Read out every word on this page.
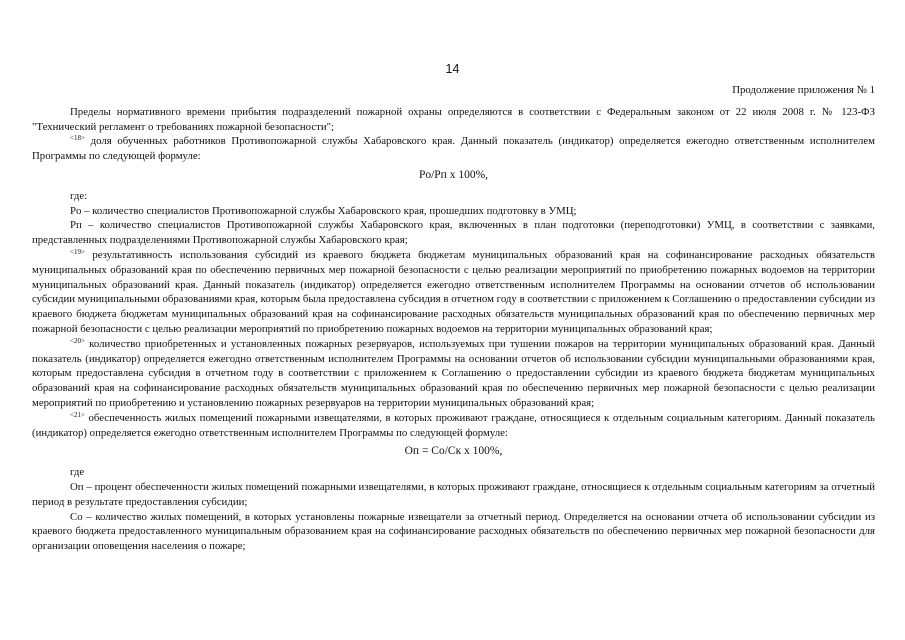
14
Продолжение приложения № 1
Пределы нормативного времени прибытия подразделений пожарной охраны определяются в соответствии с Федеральным законом от 22 июля 2008 г. № 123-ФЗ "Технический регламент о требованиях пожарной безопасности";
$^{<18>}$ доля обученных работников Противопожарной службы Хабаровского края. Данный показатель (индикатор) определяется ежегодно ответственным исполнителем Программы по следующей формуле:
Pо/Pп x 100%,
где:
Pо – количество специалистов Противопожарной службы Хабаровского края, прошедших подготовку в УМЦ;
Pп – количество специалистов Противопожарной службы Хабаровского края, включенных в план подготовки (переподготовки) УМЦ, в соответствии с заявками, представленных подразделениями Противопожарной службы Хабаровского края;
$^{<19>}$ результативность использования субсидий из краевого бюджета бюджетам муниципальных образований края на софинансирование расходных обязательств муниципальных образований края по обеспечению первичных мер пожарной безопасности с целью реализации мероприятий по приобретению пожарных водоемов на территории муниципальных образований края. Данный показатель (индикатор) определяется ежегодно ответственным исполнителем Программы на основании отчетов об использовании субсидии муниципальными образованиями края, которым была предоставлена субсидия в отчетном году в соответствии с приложением к Соглашению о предоставлении субсидии из краевого бюджета бюджетам муниципальных образований края на софинансирование расходных обязательств муниципальных образований края по обеспечению первичных мер пожарной безопасности с целью реализации мероприятий по приобретению пожарных водоемов на территории муниципальных образований края;
$^{<20>}$ количество приобретенных и установленных пожарных резервуаров, используемых при тушении пожаров на территории муниципальных образований края. Данный показатель (индикатор) определяется ежегодно ответственным исполнителем Программы на основании отчетов об использовании субсидии муниципальными образованиями края, которым предоставлена субсидия в отчетном году в соответствии с приложением к Соглашению о предоставлении субсидии из краевого бюджета бюджетам муниципальных образований края на софинансирование расходных обязательств муниципальных образований края по обеспечению первичных мер пожарной безопасности с целью реализации мероприятий по приобретению и установлению пожарных резервуаров на территории муниципальных образований края;
$^{<21>}$ обеспеченность жилых помещений пожарными извещателями, в которых проживают граждане, относящиеся к отдельным социальным категориям. Данный показатель (индикатор) определяется ежегодно ответственным исполнителем Программы по следующей формуле:
Oп = Cо/Cк x 100%,
где
Oп – процент обеспеченности жилых помещений пожарными извещателями, в которых проживают граждане, относящиеся к отдельным социальным категориям за отчетный период в результате предоставления субсидии;
Cо – количество жилых помещений, в которых установлены пожарные извещатели за отчетный период. Определяется на основании отчета об использовании субсидии из краевого бюджета предоставленного муниципальным образованием края на софинансирование расходных обязательств по обеспечению первичных мер пожарной безопасности для организации оповещения населения о пожаре;
